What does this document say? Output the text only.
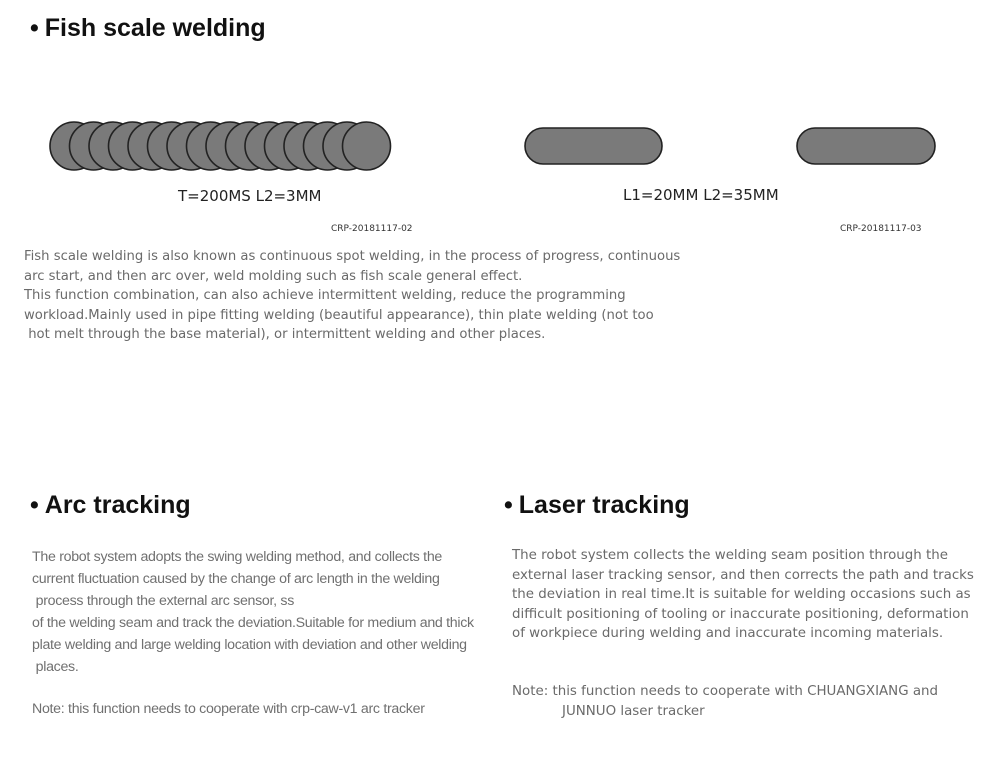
• Fish scale welding
T=200MS L2=3MM	L1=20MM L2=35MM
CRP-20181117-02	CRP-20181117-03
Fish scale welding is also known as continuous spot welding, in the process of progress, continuous
arc start, and then arc over, weld molding such as fish scale general effect.
This function combination, can also achieve intermittent welding, reduce the programming
workload.Mainly used in pipe fitting welding (beautiful appearance), thin plate welding (not too
hot melt through the base material), or intermittent welding and other places.
• Arc tracking
The robot system adopts the swing welding method, and collects the
current fluctuation caused by the change of arc length in the welding
process through the external arc sensor, ss
of the welding seam and track the deviation.Suitable for medium and thick
plate welding and large welding location with deviation and other welding
places.
Note: this function needs to cooperate with crp-caw-v1 arc tracker
• Laser tracking
The robot system collects the welding seam position through the
external laser tracking sensor, and then corrects the path and tracks
the deviation in real time.It is suitable for welding occasions such as
difficult positioning of tooling or inaccurate positioning, deformation
of workpiece during welding and inaccurate incoming materials.
Note: this function needs to cooperate with CHUANGXIANG and
JUNNUO laser tracker
